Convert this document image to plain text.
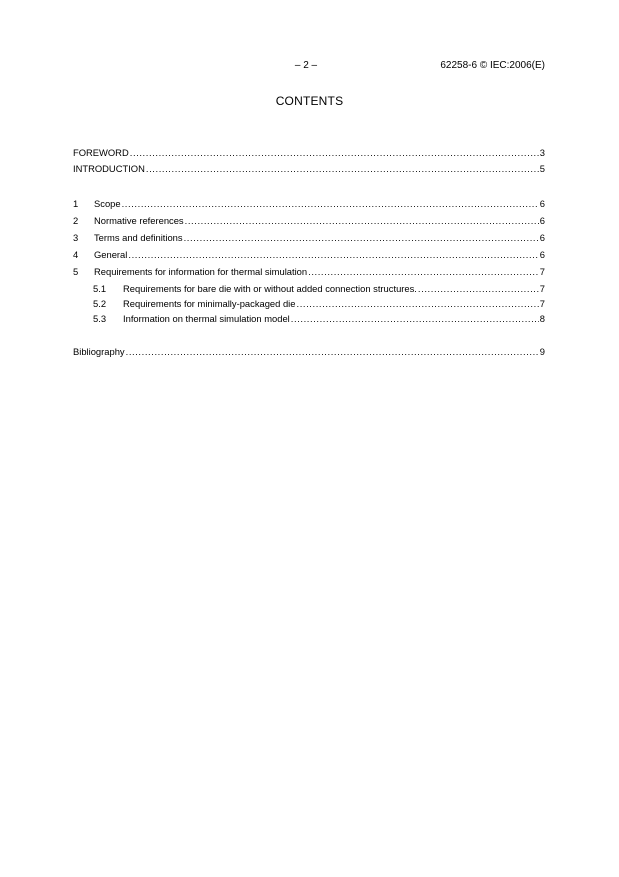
– 2 –	62258-6 © IEC:2006(E)
CONTENTS
FOREWORD .....	3
INTRODUCTION .....	5
1	Scope .....	6
2	Normative references .....	6
3	Terms and definitions .....	6
4	General .....	6
5	Requirements for information for thermal simulation .....	7
5.1	Requirements for bare die with or without added connection structures. .....	7
5.2	Requirements for minimally-packaged die .....	7
5.3	Information on thermal simulation model .....	8
Bibliography .....	9
